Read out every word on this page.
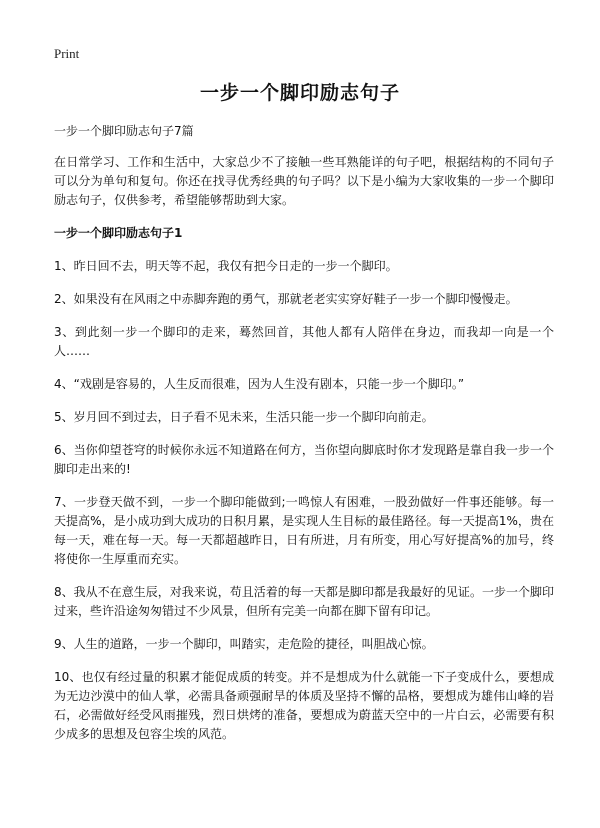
Print
一步一个脚印励志句子
一步一个脚印励志句子7篇
在日常学习、工作和生活中，大家总少不了接触一些耳熟能详的句子吧，根据结构的不同句子可以分为单句和复句。你还在找寻优秀经典的句子吗？以下是小编为大家收集的一步一个脚印励志句子，仅供参考，希望能够帮助到大家。
一步一个脚印励志句子1
1、昨日回不去，明天等不起，我仅有把今日走的一步一个脚印。
2、如果没有在风雨之中赤脚奔跑的勇气，那就老老实实穿好鞋子一步一个脚印慢慢走。
3、到此刻一步一个脚印的走来，蓦然回首，其他人都有人陪伴在身边，而我却一向是一个人……
4、“戏剧是容易的，人生反而很难，因为人生没有剧本，只能一步一个脚印。”
5、岁月回不到过去，日子看不见未来，生活只能一步一个脚印向前走。
6、当你仰望苍穹的时候你永远不知道路在何方，当你望向脚底时你才发现路是靠自我一步一个脚印走出来的!
7、一步登天做不到，一步一个脚印能做到;一鸣惊人有困难，一股劲做好一件事还能够。每一天提高%，是小成功到大成功的日积月累，是实现人生目标的最佳路径。每一天提高1%，贵在每一天，难在每一天。每一天都超越昨日，日有所进，月有所变，用心写好提高%的加号，终将使你一生厚重而充实。
8、我从不在意生辰，对我来说，苟且活着的每一天都是脚印都是我最好的见证。一步一个脚印过来，些许沿途匆匆错过不少风景，但所有完美一向都在脚下留有印记。
9、人生的道路，一步一个脚印，叫踏实，走危险的捷径，叫胆战心惊。
10、也仅有经过量的积累才能促成质的转变。并不是想成为什么就能一下子变成什么，要想成为无边沙漠中的仙人掌，必需具备顽强耐旱的体质及坚持不懈的品格，要想成为雄伟山峰的岩石，必需做好经受风雨摧残，烈日烘烤的准备，要想成为蔚蓝天空中的一片白云，必需要有积少成多的思想及包容尘埃的风范。
